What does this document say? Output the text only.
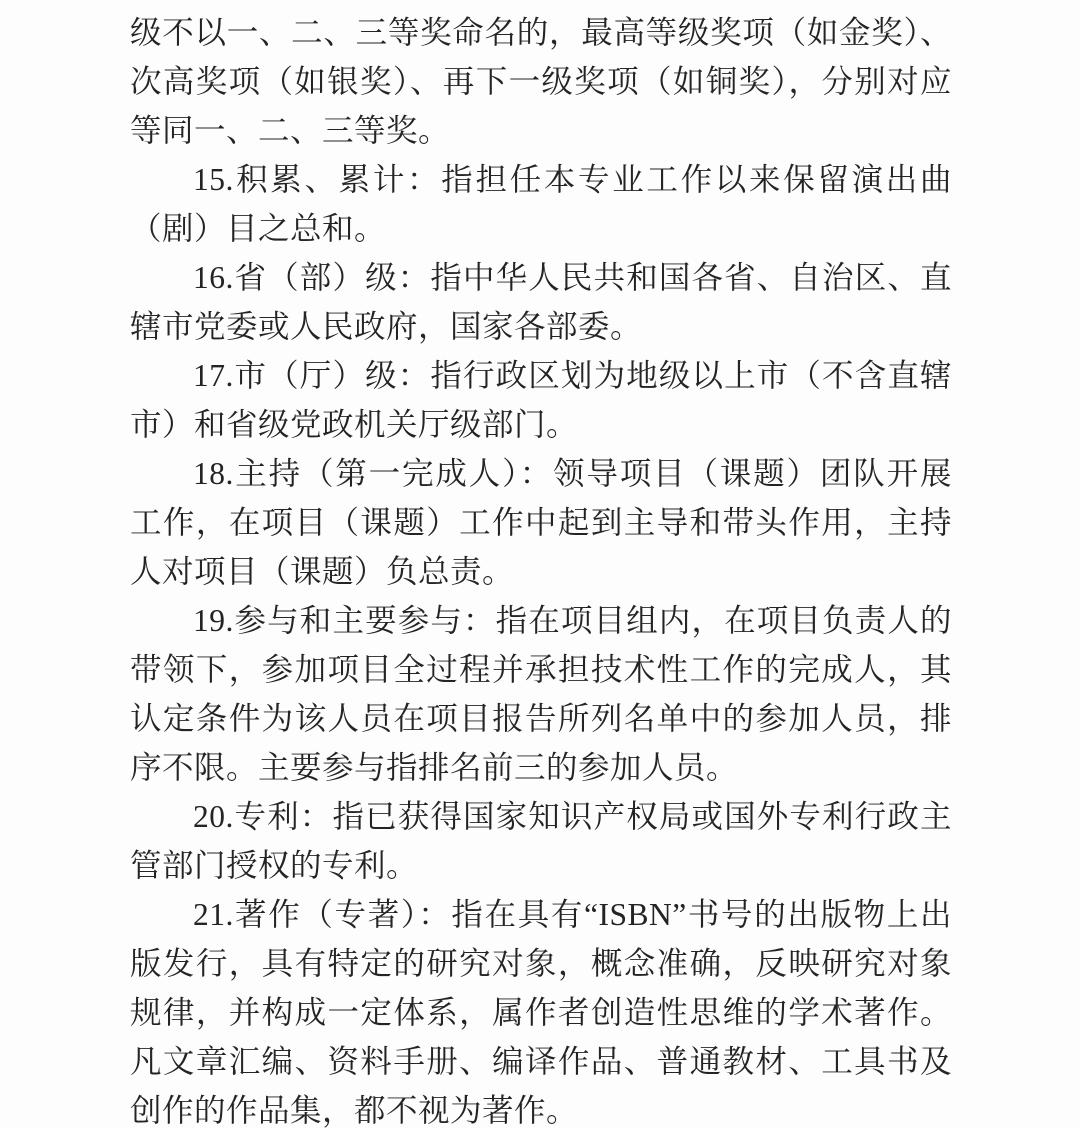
级不以一、二、三等奖命名的，最高等级奖项（如金奖）、次高奖项（如银奖）、再下一级奖项（如铜奖），分别对应等同一、二、三等奖。

15.积累、累计：指担任本专业工作以来保留演出曲（剧）目之总和。

16.省（部）级：指中华人民共和国各省、自治区、直辖市党委或人民政府，国家各部委。

17.市（厅）级：指行政区划为地级以上市（不含直辖市）和省级党政机关厅级部门。

18.主持（第一完成人）：领导项目（课题）团队开展工作，在项目（课题）工作中起到主导和带头作用，主持人对项目（课题）负总责。

19.参与和主要参与：指在项目组内，在项目负责人的带领下，参加项目全过程并承担技术性工作的完成人，其认定条件为该人员在项目报告所列名单中的参加人员，排序不限。主要参与指排名前三的参加人员。

20.专利：指已获得国家知识产权局或国外专利行政主管部门授权的专利。

21.著作（专著）：指在具有“ISBN”书号的出版物上出版发行，具有特定的研究对象，概念准确，反映研究对象规律，并构成一定体系，属作者创造性思维的学术著作。凡文章汇编、资料手册、编译作品、普通教材、工具书及创作的作品集，都不视为著作。
